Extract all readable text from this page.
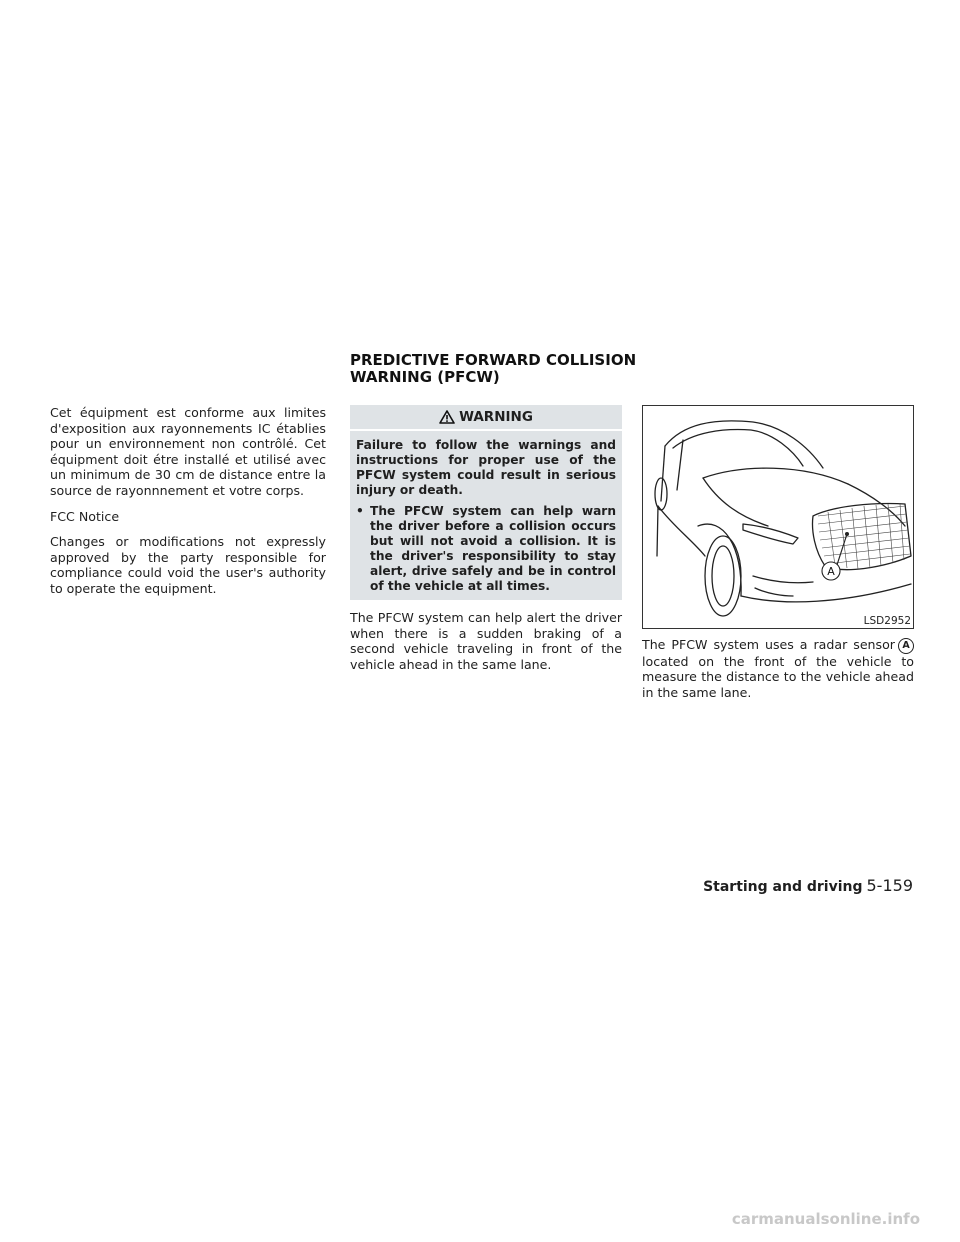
Cet équipment est conforme aux limites d'exposition aux rayonnements IC établies pour un environnement non contrôlé. Cet équipment doit étre installé et utilisé avec un minimum de 30 cm de distance entre la source de rayonnnement et votre corps.

FCC Notice

Changes or modifications not expressly approved by the party responsible for compliance could void the user's authority to operate the equipment.

PREDICTIVE FORWARD COLLISION
WARNING (PFCW)
WARNING

Failure to follow the warnings and instructions for proper use of the PFCW system could result in serious injury or death.

• The PFCW system can help warn the driver before a collision occurs but will not avoid a collision. It is the driver's responsibility to stay alert, drive safely and be in control of the vehicle at all times.

The PFCW system can help alert the driver when there is a sudden braking of a second vehicle traveling in front of the vehicle ahead in the same lane.

A
LSD2952

The PFCW system uses a radar sensor A located on the front of the vehicle to measure the distance to the vehicle ahead in the same lane.

Starting and driving 5-159
carmanualsonline.info
